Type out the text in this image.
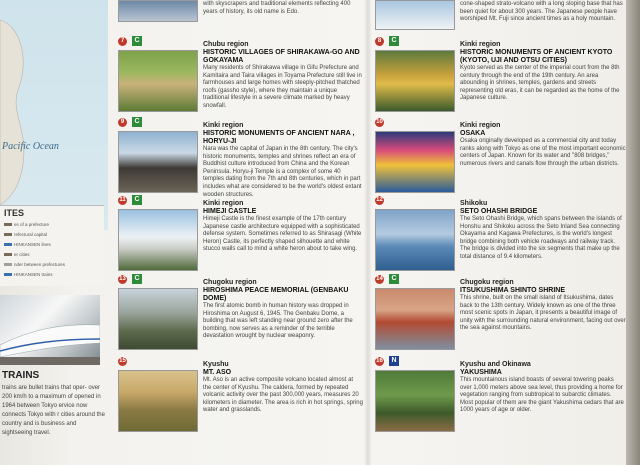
Pacific Ocean
ITES
es of a prefecture
refectural capital
HINKANSEN lines
er cities
nder between prefectures
HINKANSEN trains
TRAINS
trains are bullet trains that oper- over 200 km/h to a maximum of opened in 1964 between Tokyo ervice now connects Tokyo with r cities around the country and is business and sightseeing travel.
with skyscrapers and traditional elements reflecting 400 years of history, its old name is Edo.
cone-shaped strato-volcano with a long sloping base that has been quiet for about 300 years. The Japanese people have worshiped Mt. Fuji since ancient times as a holy mountain.
7	C
Chubu region
HISTORIC VILLAGES OF SHIRAKAWA-GO AND GOKAYAMA
Many residents of Shirakawa village in Gifu Prefecture and Kamitaira and Taira villages in Toyama Prefecture still live in farmhouses and large homes with steeply-pitched thatched roofs (gassho style), where they maintain a unique traditional lifestyle in a severe climate marked by heavy snowfall.
9	C
Kinki region
HISTORIC MONUMENTS OF ANCIENT NARA , HORYU-JI
Nara was the capital of Japan in the 8th century. The city's historic monuments, temples and shrines reflect an era of Buddhist culture introduced from China and the Korean Peninsula. Horyu-ji Temple is a complex of some 40 temples dating from the 7th and 8th centuries, which in part includes what are considered to be the world's oldest extant wooden structures.
11	C
Kinki region
HIMEJI CASTLE
Himeji Castle is the finest example of the 17th century Japanese castle architecture equipped with a sophisticated defense system. Sometimes referred to as Shirasagi (White Heron) Castle, its perfectly shaped silhouette and white stucco walls call to mind a white heron about to take wing.
13	C
Chugoku region
HIROSHIMA PEACE MEMORIAL (GENBAKU DOME)
The first atomic bomb in human history was dropped in Hiroshima on August 6, 1945. The Genbaku Dome, a building that was left standing near ground zero after the bombing, now serves as a reminder of the terrible devastation wrought by nuclear weaponry.
15	Kyushu
MT. ASO
Mt. Aso is an active composite volcano located almost at the center of Kyushu. The caldera, formed by repeated volcanic activity over the past 300,000 years, measures 20 kilometers in diameter. The area is rich in hot springs, spring water and grasslands.
8	C
Kinki region
HISTORIC MONUMENTS OF ANCIENT KYOTO (KYOTO, UJI AND OTSU CITIES)
Kyoto served as the center of the imperial court from the 8th century through the end of the 19th century. An area abounding in shrines, temples, gardens and streets representing old eras, it can be regarded as the home of the Japanese culture.
10	Kinki region
OSAKA
Osaka originally developed as a commercial city and today ranks along with Tokyo as one of the most important economic centers of Japan. Known for its water and "808 bridges," numerous rivers and canals flow through the urban districts.
12	Shikoku
SETO OHASHI BRIDGE
The Seto Ohashi Bridge, which spans between the islands of Honshu and Shikoku across the Seto Inland Sea connecting Okayama and Kagawa Prefectures, is the world's longest bridge combining both vehicle roadways and railway track. The bridge is divided into the six segments that make up the total distance of 9.4 kilometers.
14	C
Chugoku region
ITSUKUSHIMA SHINTO SHRINE
This shrine, built on the small island of Itsukushima, dates back to the 13th century. Widely known as one of the three most scenic spots in Japan, it presents a beautiful image of unity with the surrounding natural environment, facing out over the sea against mountains.
16	N
Kyushu and Okinawa
YAKUSHIMA
This mountainous island boasts of several towering peaks over 1,000 meters above sea level, thus providing a home for vegetation ranging from subtropical to subarctic climates. Most popular of them are the giant Yakushima cedars that are 1000 years of age or older.
